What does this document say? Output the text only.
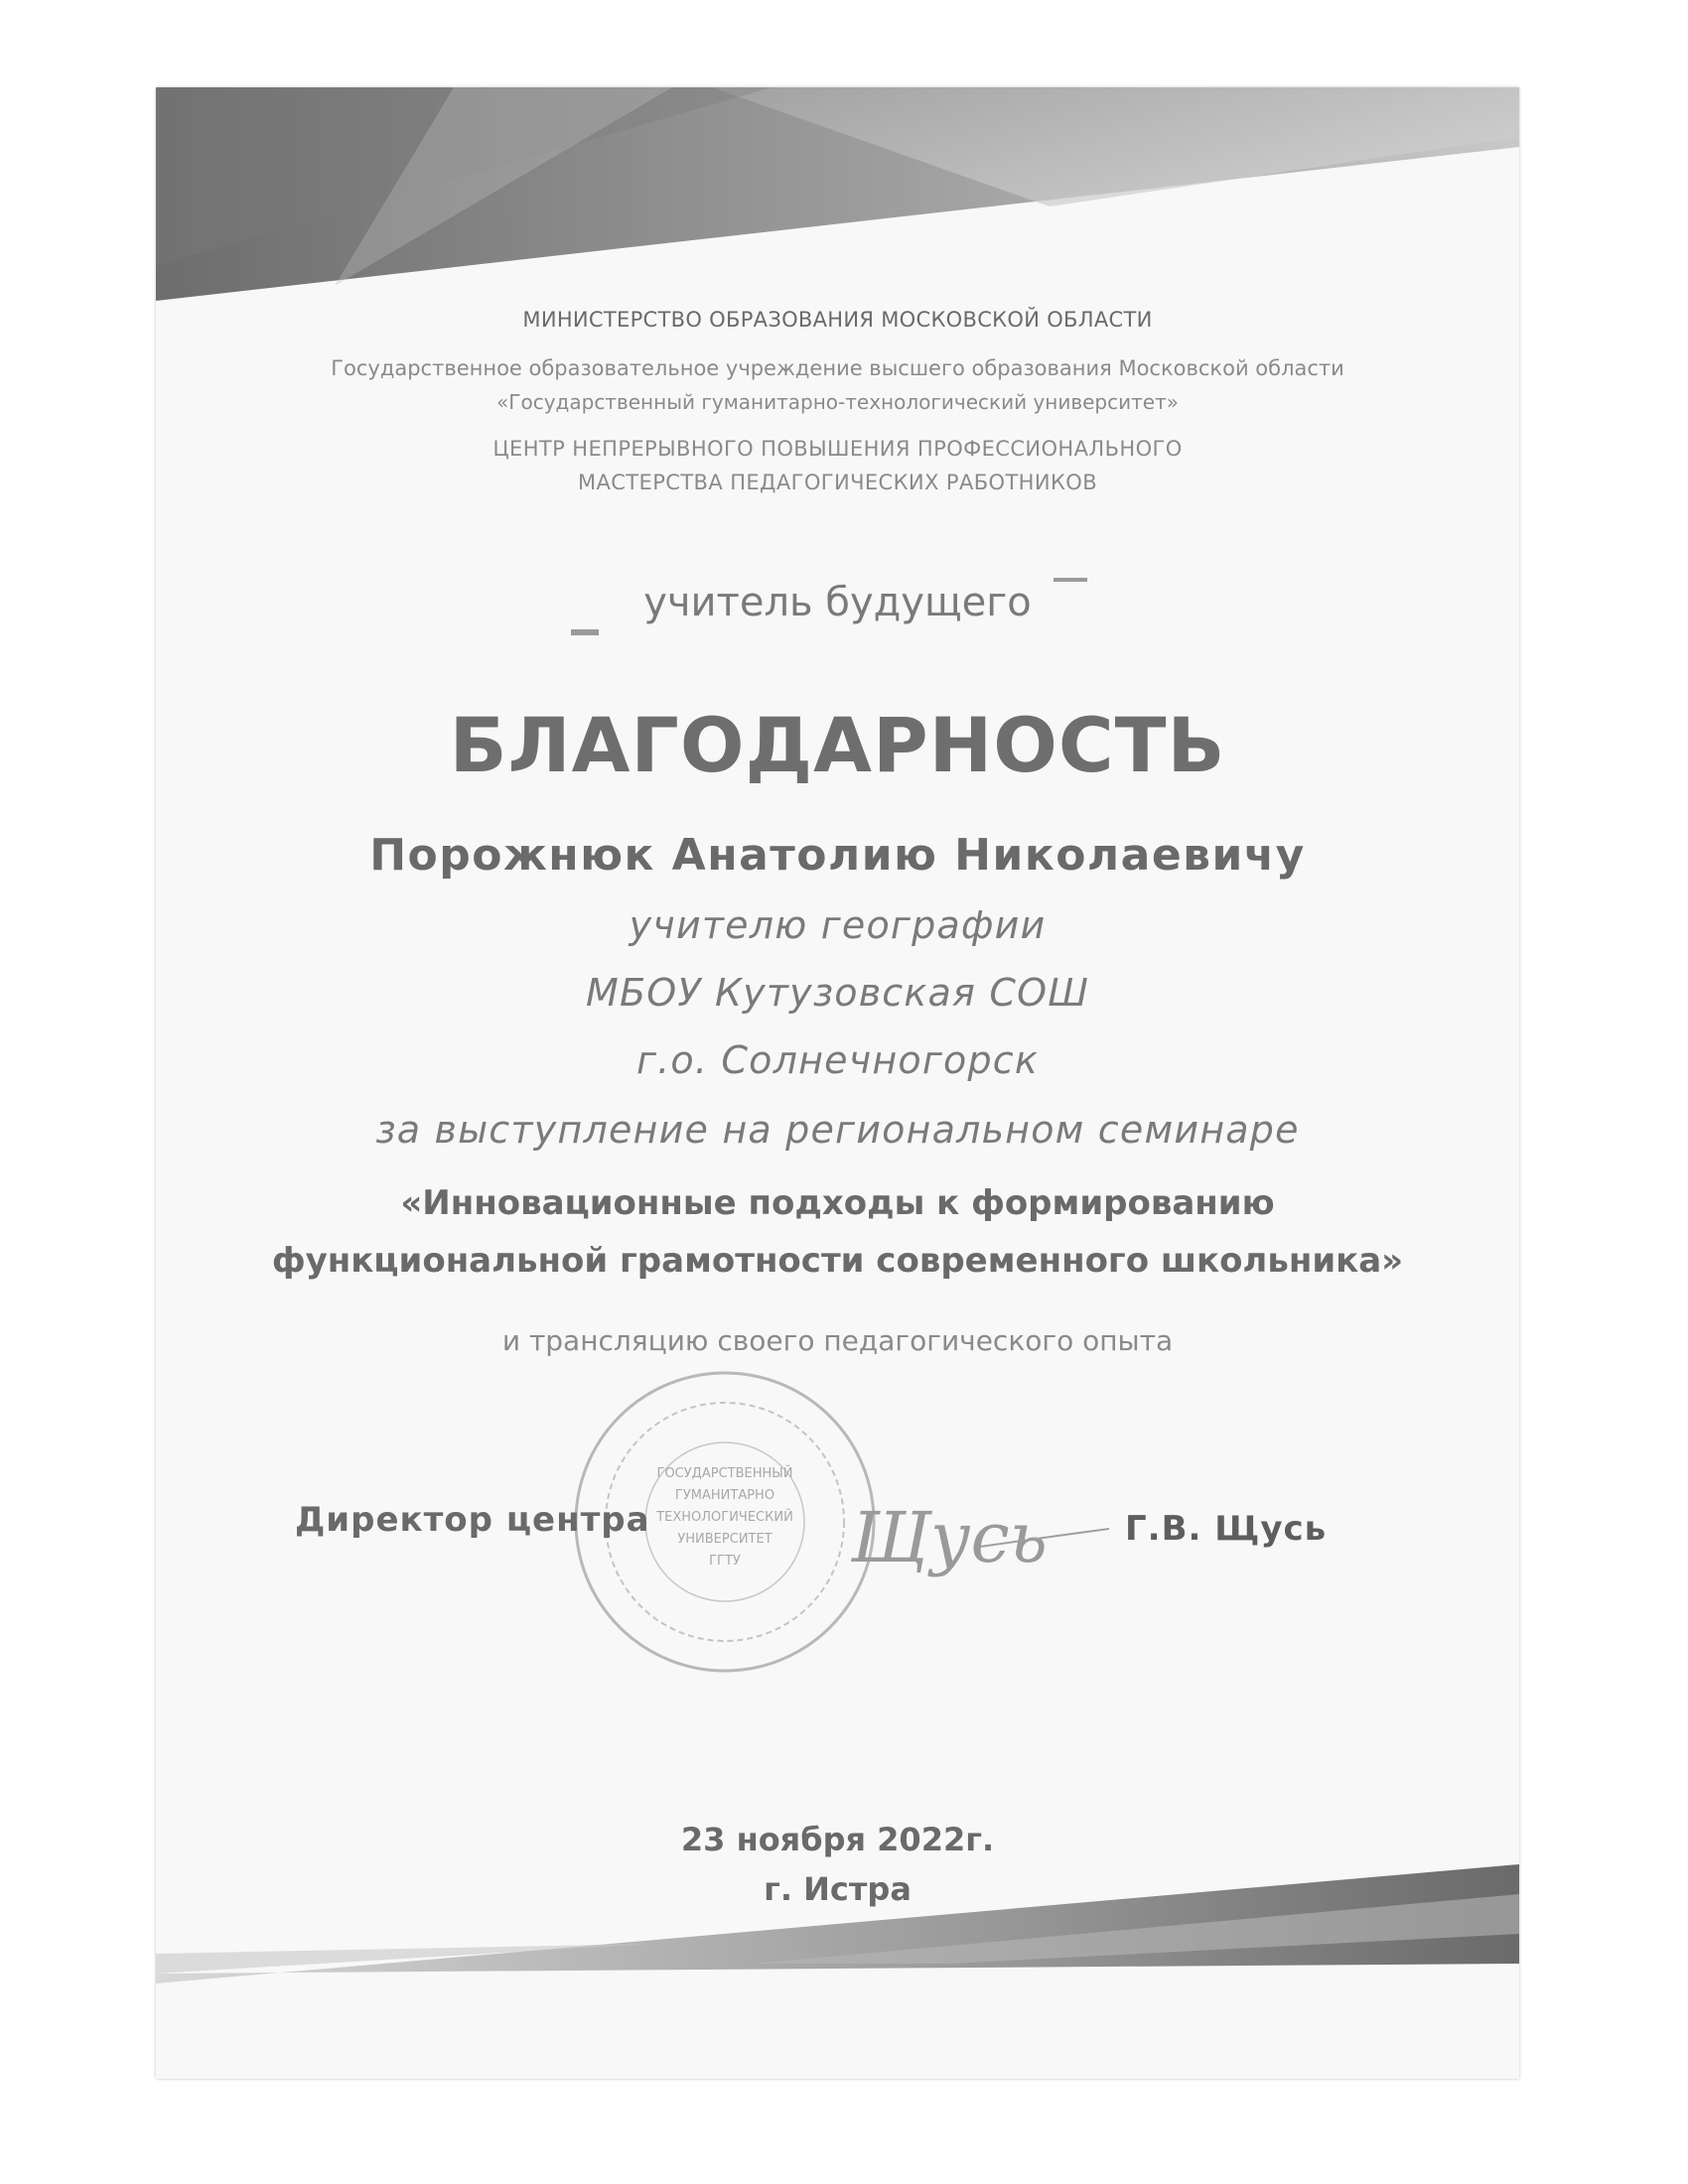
МИНИСТЕРСТВО ОБРАЗОВАНИЯ МОСКОВСКОЙ ОБЛАСТИ
Государственное образовательное учреждение высшего образования Московской области
«Государственный гуманитарно-технологический университет»
ЦЕНТР НЕПРЕРЫВНОГО ПОВЫШЕНИЯ ПРОФЕССИОНАЛЬНОГО
МАСТЕРСТВА ПЕДАГОГИЧЕСКИХ РАБОТНИКОВ
учитель будущего
БЛАГОДАРНОСТЬ
Порожнюк Анатолию Николаевичу
учителю географии
МБОУ Кутузовская СОШ
г.о. Солнечногорск
за выступление на региональном семинаре
«Инновационные подходы к формированию
функциональной грамотности современного школьника»
и трансляцию своего педагогического опыта
ГОСУДАРСТВЕННЫЙ
ГУМАНИТАРНО
ТЕХНОЛОГИЧЕСКИЙ
УНИВЕРСИТЕТ
ГГТУ
Директор центра	Щусь Г.В. Щусь
23 ноября 2022г.
г. Истра
